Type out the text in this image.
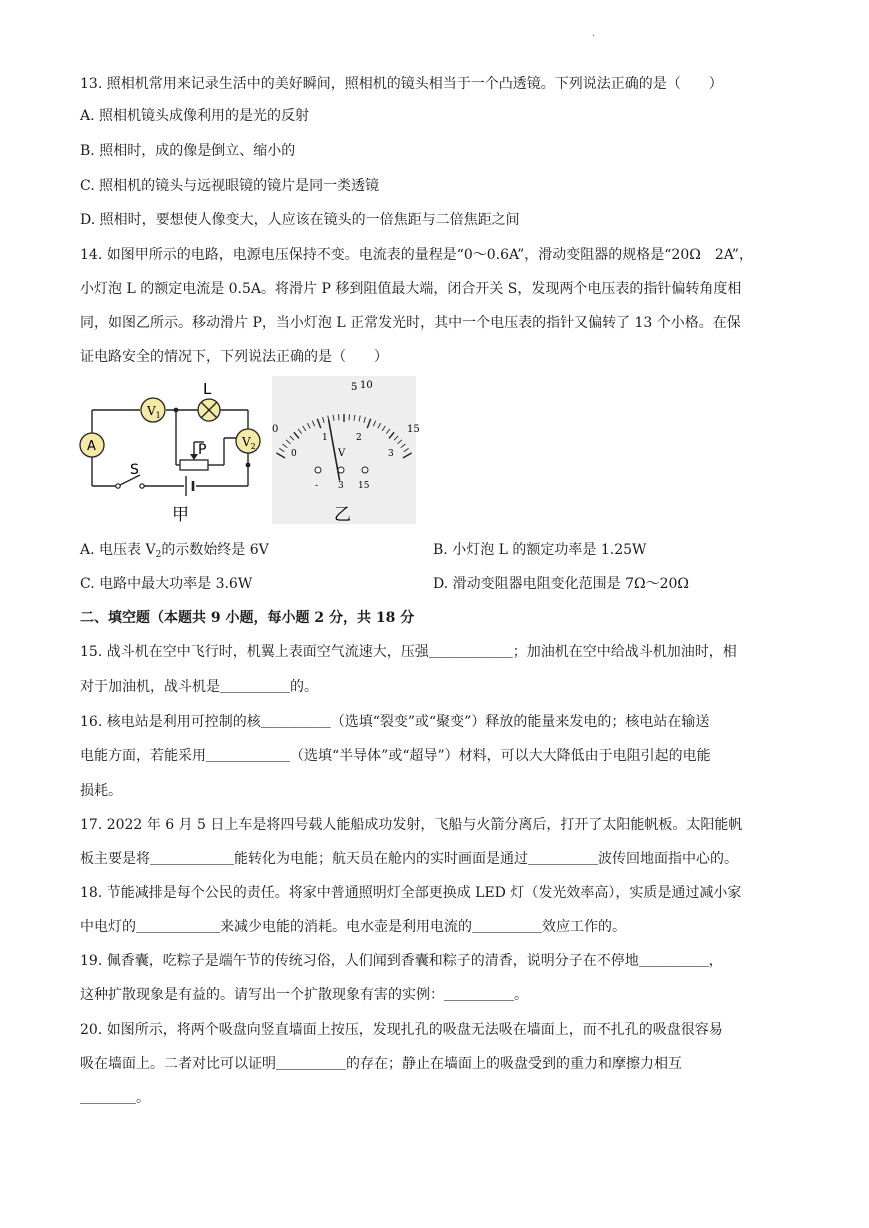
.
13. 照相机常用来记录生活中的美好瞬间，照相机的镜头相当于一个凸透镜。下列说法正确的是（　　）
A. 照相机镜头成像利用的是光的反射
B. 照相时，成的像是倒立、缩小的
C. 照相机的镜头与远视眼镜的镜片是同一类透镜
D. 照相时，要想使人像变大，人应该在镜头的一倍焦距与二倍焦距之间
14. 如图甲所示的电路，电源电压保持不变。电流表的量程是“0～0.6A”，滑动变阻器的规格是“20Ω　2A”，
小灯泡 L 的额定电流是 0.5A。将滑片 P 移到阻值最大端，闭合开关 S，发现两个电压表的指针偏转角度相
同，如图乙所示。移动滑片 P，当小灯泡 L 正常发光时，其中一个电压表的指针又偏转了 13 个小格。在保
证电路安全的情况下，下列说法正确的是（　　）
$V_1$
L
$V_2$
A	P
S
5 10
0	15
0
1	2
3
V
- 3 15
甲	乙
A. 电压表 $V_2$的示数始终是 6V	B. 小灯泡 L 的额定功率是 1.25W
C. 电路中最大功率是 3.6W	D. 滑动变阻器电阻变化范围是 7Ω～20Ω
二、填空题（本题共 9 小题，每小题 2 分，共 18 分
15. 战斗机在空中飞行时，机翼上表面空气流速大，压强＿＿＿＿＿＿；加油机在空中给战斗机加油时，相
对于加油机，战斗机是＿＿＿＿＿的。
16. 核电站是利用可控制的核＿＿＿＿＿（选填“裂变”或“聚变”）释放的能量来发电的；核电站在输送
电能方面，若能采用＿＿＿＿＿＿（选填“半导体”或“超导”）材料，可以大大降低由于电阻引起的电能
损耗。
17. 2022 年 6 月 5 日上车是将四号载人能船成功发射，飞船与火箭分离后，打开了太阳能帆板。太阳能帆
板主要是将＿＿＿＿＿＿能转化为电能；航天员在舱内的实时画面是通过＿＿＿＿＿波传回地面指中心的。
18. 节能减排是每个公民的责任。将家中普通照明灯全部更换成 LED 灯（发光效率高），实质是通过减小家
中电灯的＿＿＿＿＿＿来减少电能的消耗。电水壶是利用电流的＿＿＿＿＿效应工作的。
19. 佩香囊，吃粽子是端午节的传统习俗，人们闻到香囊和粽子的清香，说明分子在不停地＿＿＿＿＿，
这种扩散现象是有益的。请写出一个扩散现象有害的实例：＿＿＿＿＿。
20. 如图所示，将两个吸盘向竖直墙面上按压，发现扎孔的吸盘无法吸在墙面上，而不扎孔的吸盘很容易
吸在墙面上。二者对比可以证明＿＿＿＿＿的存在；静止在墙面上的吸盘受到的重力和摩擦力相互
＿＿＿＿。
